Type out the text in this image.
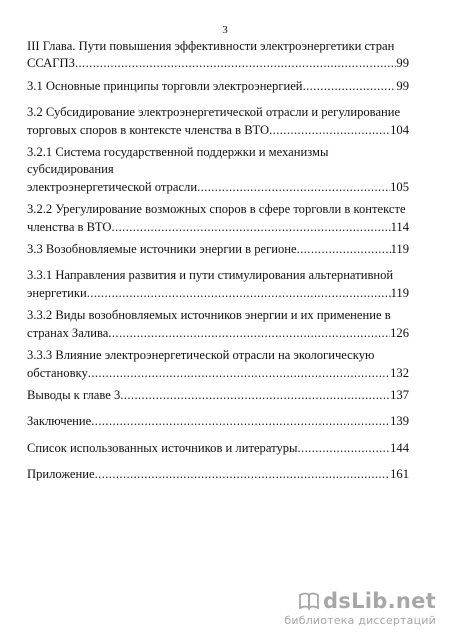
3
III Глава. Пути повышения эффективности электроэнергетики стран
ССАГПЗ .....	99
3.1 Основные принципы торговли электроэнергией .....	99
3.2 Субсидирование электроэнергетической отрасли и регулирование
торговых споров в контексте членства в ВТО .....	104
3.2.1 Система государственной поддержки и механизмы субсидирования
электроэнергетической отрасли .....	105
3.2.2 Урегулирование возможных споров в сфере торговли в контексте
членства в ВТО .....	114
3.3 Возобновляемые источники энергии в регионе .....	119
3.3.1 Направления развития и пути стимулирования альтернативной
энергетики .....	119
3.3.2 Виды возобновляемых источников энергии и их применение в
странах Залива .....	126
3.3.3 Влияние электроэнергетической отрасли на экологическую
обстановку .....	132
Выводы к главе 3 .....	137
Заключение .....	139
Список использованных источников и литературы .....	144
Приложение .....	161
dsLib.net
библиотека диссертаций
